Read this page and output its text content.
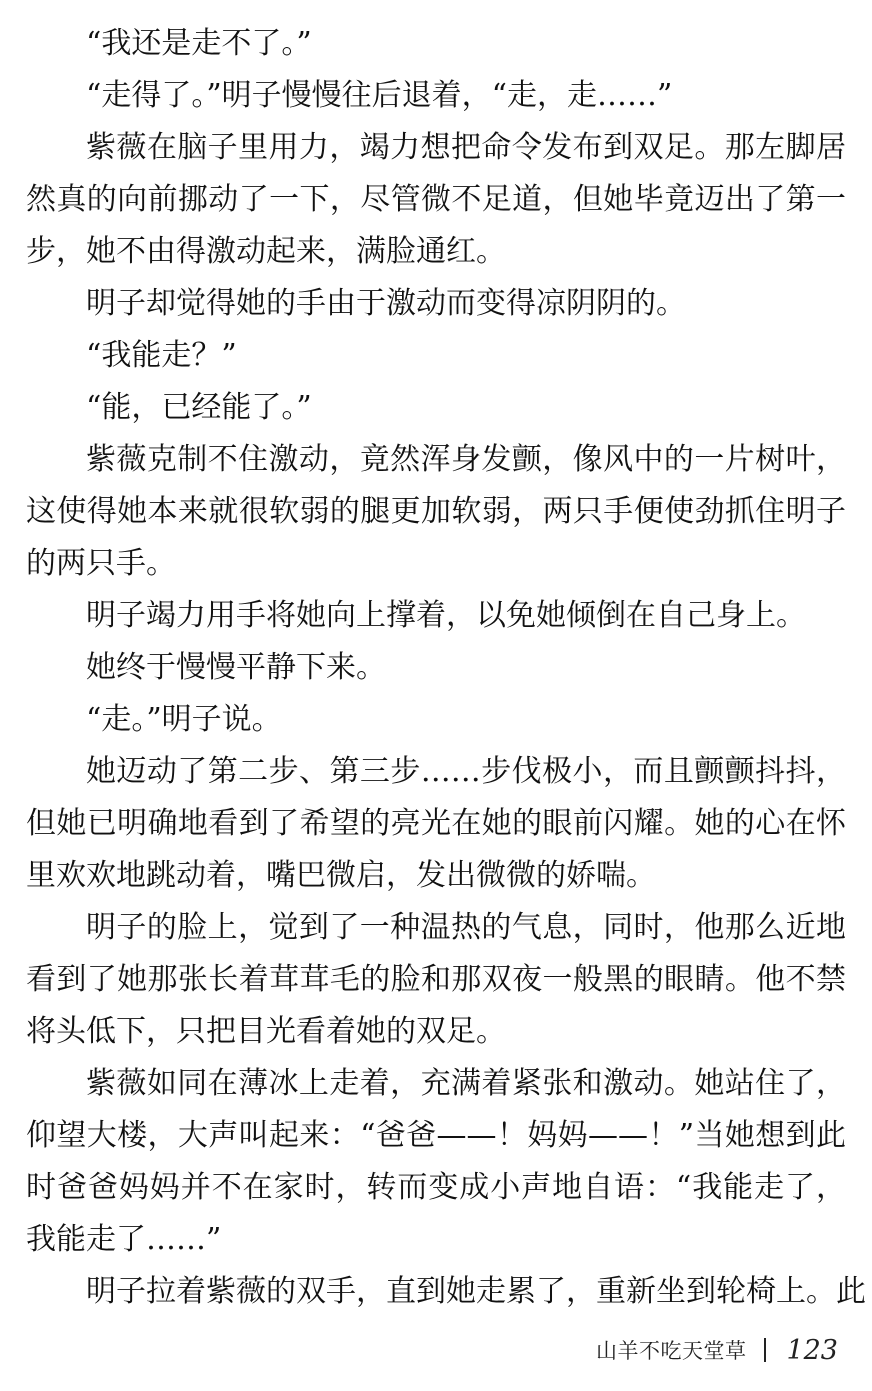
“我还是走不了。”

“走得了。”明子慢慢往后退着，“走，走……”

紫薇在脑子里用力，竭力想把命令发布到双足。那左脚居然真的向前挪动了一下，尽管微不足道，但她毕竟迈出了第一步，她不由得激动起来，满脸通红。

明子却觉得她的手由于激动而变得凉阴阴的。

“我能走？”

“能，已经能了。”

紫薇克制不住激动，竟然浑身发颤，像风中的一片树叶，这使得她本来就很软弱的腿更加软弱，两只手便使劲抓住明子的两只手。

明子竭力用手将她向上撑着，以免她倾倒在自己身上。

她终于慢慢平静下来。

“走。”明子说。

她迈动了第二步、第三步……步伐极小，而且颤颤抖抖，但她已明确地看到了希望的亮光在她的眼前闪耀。她的心在怀里欢欢地跳动着，嘴巴微启，发出微微的娇喘。

明子的脸上，觉到了一种温热的气息，同时，他那么近地看到了她那张长着茸茸毛的脸和那双夜一般黑的眼睛。他不禁将头低下，只把目光看着她的双足。

紫薇如同在薄冰上走着，充满着紧张和激动。她站住了，仰望大楼，大声叫起来：“爸爸——！妈妈——！”当她想到此时爸爸妈妈并不在家时，转而变成小声地自语：“我能走了，我能走了……”

明子拉着紫薇的双手，直到她走累了，重新坐到轮椅上。此

山羊不吃天堂草 123
